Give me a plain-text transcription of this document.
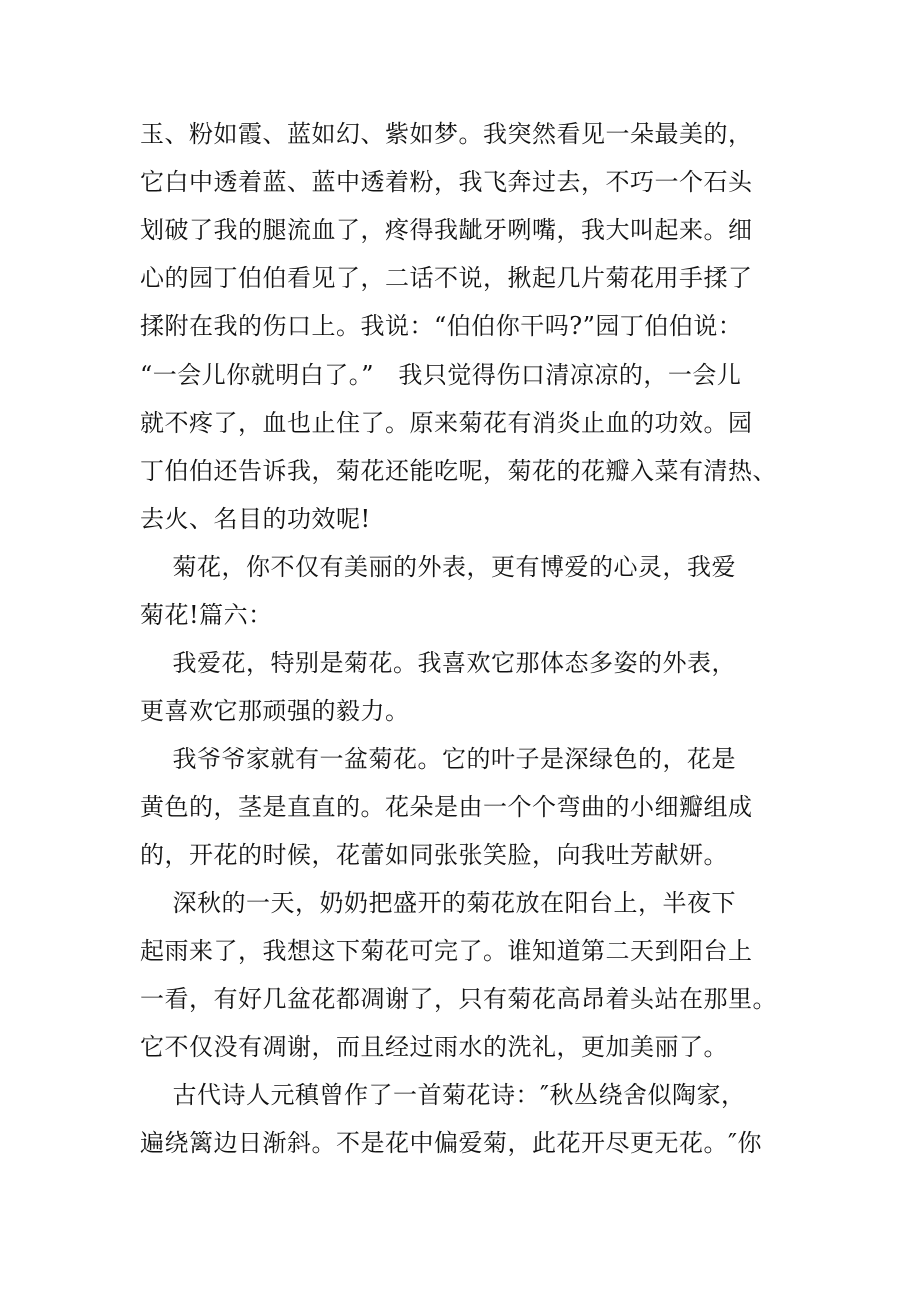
玉、粉如霞、蓝如幻、紫如梦。我突然看见一朵最美的，
它白中透着蓝、蓝中透着粉，我飞奔过去，不巧一个石头
划破了我的腿流血了，疼得我龇牙咧嘴，我大叫起来。细
心的园丁伯伯看见了，二话不说，揪起几片菊花用手揉了
揉附在我的伤口上。我说：“伯伯你干吗?”园丁伯伯说：
“一会儿你就明白了。”   我只觉得伤口清凉凉的，一会儿
就不疼了，血也止住了。原来菊花有消炎止血的功效。园
丁伯伯还告诉我，菊花还能吃呢，菊花的花瓣入菜有清热、
去火、名目的功效呢!
菊花，你不仅有美丽的外表，更有博爱的心灵，我爱
菊花!篇六：
我爱花，特别是菊花。我喜欢它那体态多姿的外表，
更喜欢它那顽强的毅力。
我爷爷家就有一盆菊花。它的叶子是深绿色的，花是
黄色的，茎是直直的。花朵是由一个个弯曲的小细瓣组成
的，开花的时候，花蕾如同张张笑脸，向我吐芳献妍。
深秋的一天，奶奶把盛开的菊花放在阳台上，半夜下
起雨来了，我想这下菊花可完了。谁知道第二天到阳台上
一看，有好几盆花都凋谢了，只有菊花高昂着头站在那里。
它不仅没有凋谢，而且经过雨水的洗礼，更加美丽了。
古代诗人元稹曾作了一首菊花诗：″秋丛绕舍似陶家，
遍绕篱边日渐斜。不是花中偏爱菊，此花开尽更无花。″你
